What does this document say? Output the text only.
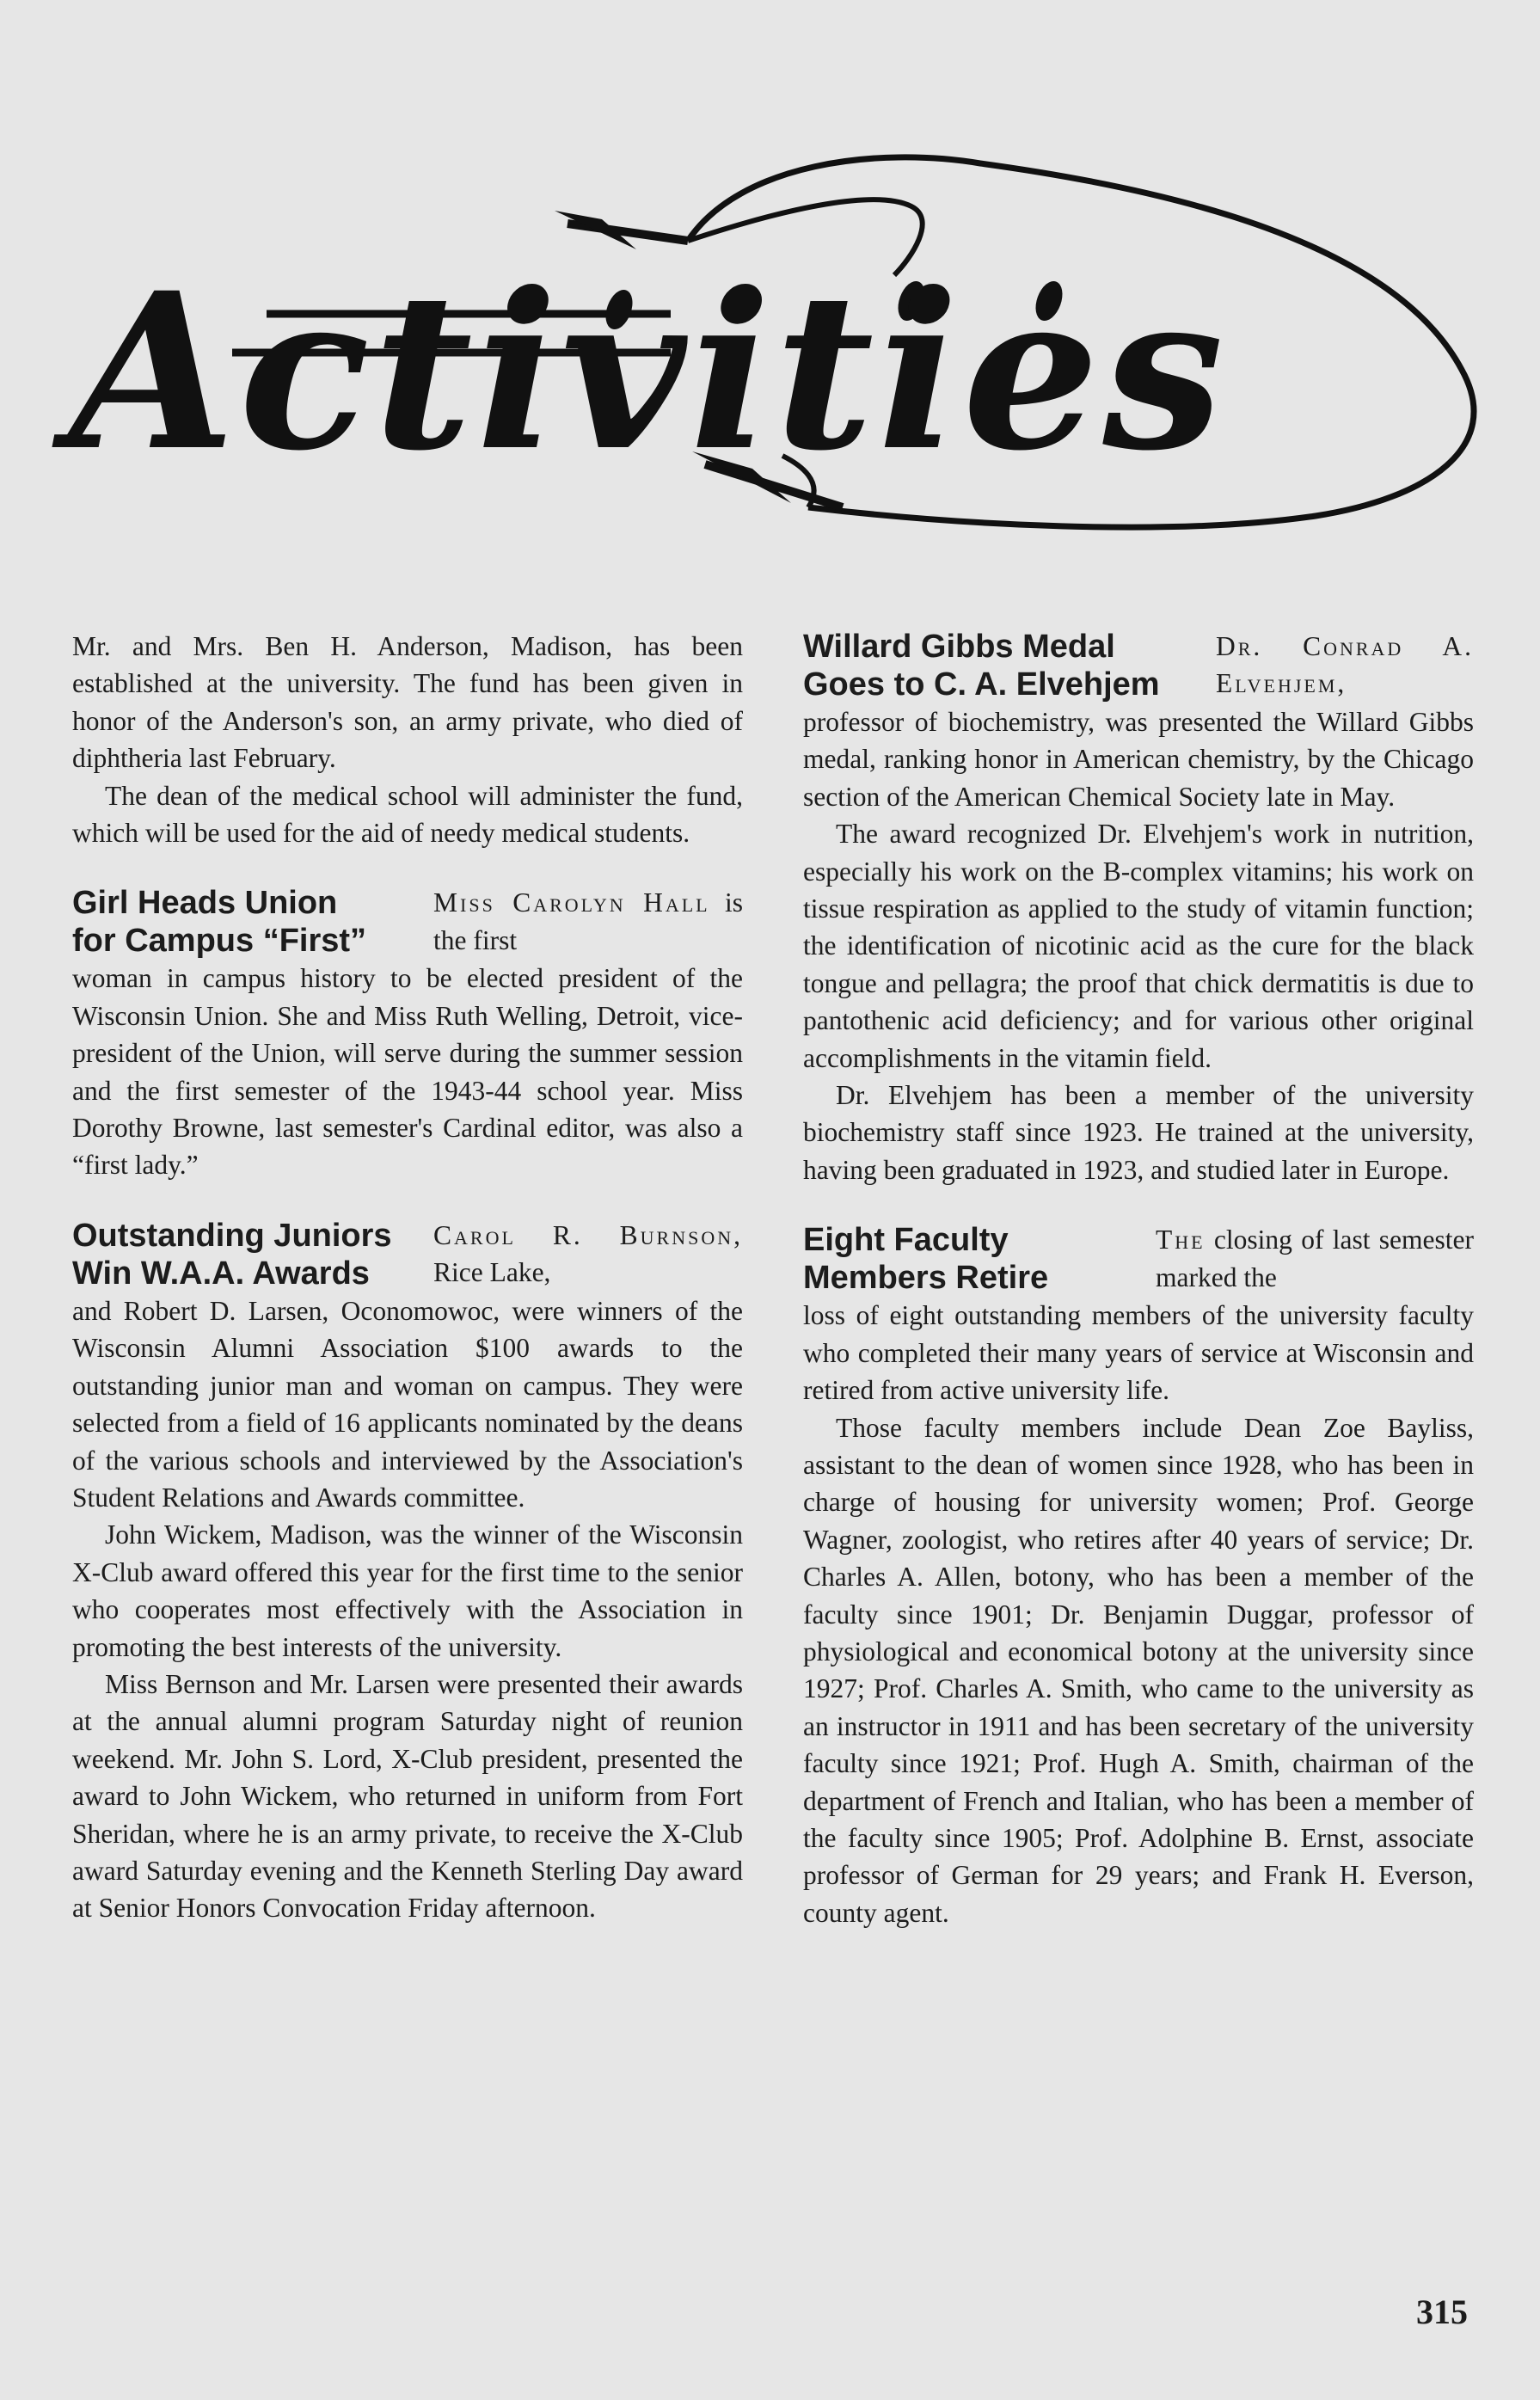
Activities

Mr. and Mrs. Ben H. Anderson, Madison, has been established at the university. The fund has been given in honor of the Anderson's son, an army private, who died of diphtheria last February.

The dean of the medical school will administer the fund, which will be used for the aid of needy medical students.

Girl Heads Union
for Campus “First”
Miss Carolyn Hall is the first

woman in campus history to be elected president of the Wisconsin Union. She and Miss Ruth Welling, Detroit, vice-president of the Union, will serve during the summer session and the first semester of the 1943-44 school year. Miss Dorothy Browne, last semester's Cardinal editor, was also a “first lady.”

Outstanding Juniors
Win W.A.A. Awards
Carol R. Burnson, Rice Lake,

and Robert D. Larsen, Oconomowoc, were winners of the Wisconsin Alumni Association $100 awards to the outstanding junior man and woman on campus. They were selected from a field of 16 applicants nominated by the deans of the various schools and interviewed by the Association's Student Relations and Awards committee.

John Wickem, Madison, was the winner of the Wisconsin X-Club award offered this year for the first time to the senior who cooperates most effectively with the Association in promoting the best interests of the university.

Miss Bernson and Mr. Larsen were presented their awards at the annual alumni program Saturday night of reunion weekend. Mr. John S. Lord, X-Club president, presented the award to John Wickem, who returned in uniform from Fort Sheridan, where he is an army private, to receive the X-Club award Saturday evening and the Kenneth Sterling Day award at Senior Honors Convocation Friday afternoon.

Willard Gibbs Medal
Goes to C. A. Elvehjem
Dr. Conrad A. Elvehjem,

professor of biochemistry, was presented the Willard Gibbs medal, ranking honor in American chemistry, by the Chicago section of the American Chemical Society late in May.

The award recognized Dr. Elvehjem's work in nutrition, especially his work on the B-complex vitamins; his work on tissue respiration as applied to the study of vitamin function; the identification of nicotinic acid as the cure for the black tongue and pellagra; the proof that chick dermatitis is due to pantothenic acid deficiency; and for various other original accomplishments in the vitamin field.

Dr. Elvehjem has been a member of the university biochemistry staff since 1923. He trained at the university, having been graduated in 1923, and studied later in Europe.

Eight Faculty
Members Retire
The closing of last semester marked the

loss of eight outstanding members of the university faculty who completed their many years of service at Wisconsin and retired from active university life.

Those faculty members include Dean Zoe Bayliss, assistant to the dean of women since 1928, who has been in charge of housing for university women; Prof. George Wagner, zoologist, who retires after 40 years of service; Dr. Charles A. Allen, botony, who has been a member of the faculty since 1901; Dr. Benjamin Duggar, professor of physiological and economical botony at the university since 1927; Prof. Charles A. Smith, who came to the university as an instructor in 1911 and has been secretary of the university faculty since 1921; Prof. Hugh A. Smith, chairman of the department of French and Italian, who has been a member of the faculty since 1905; Prof. Adolphine B. Ernst, associate professor of German for 29 years; and Frank H. Everson, county agent.

315
